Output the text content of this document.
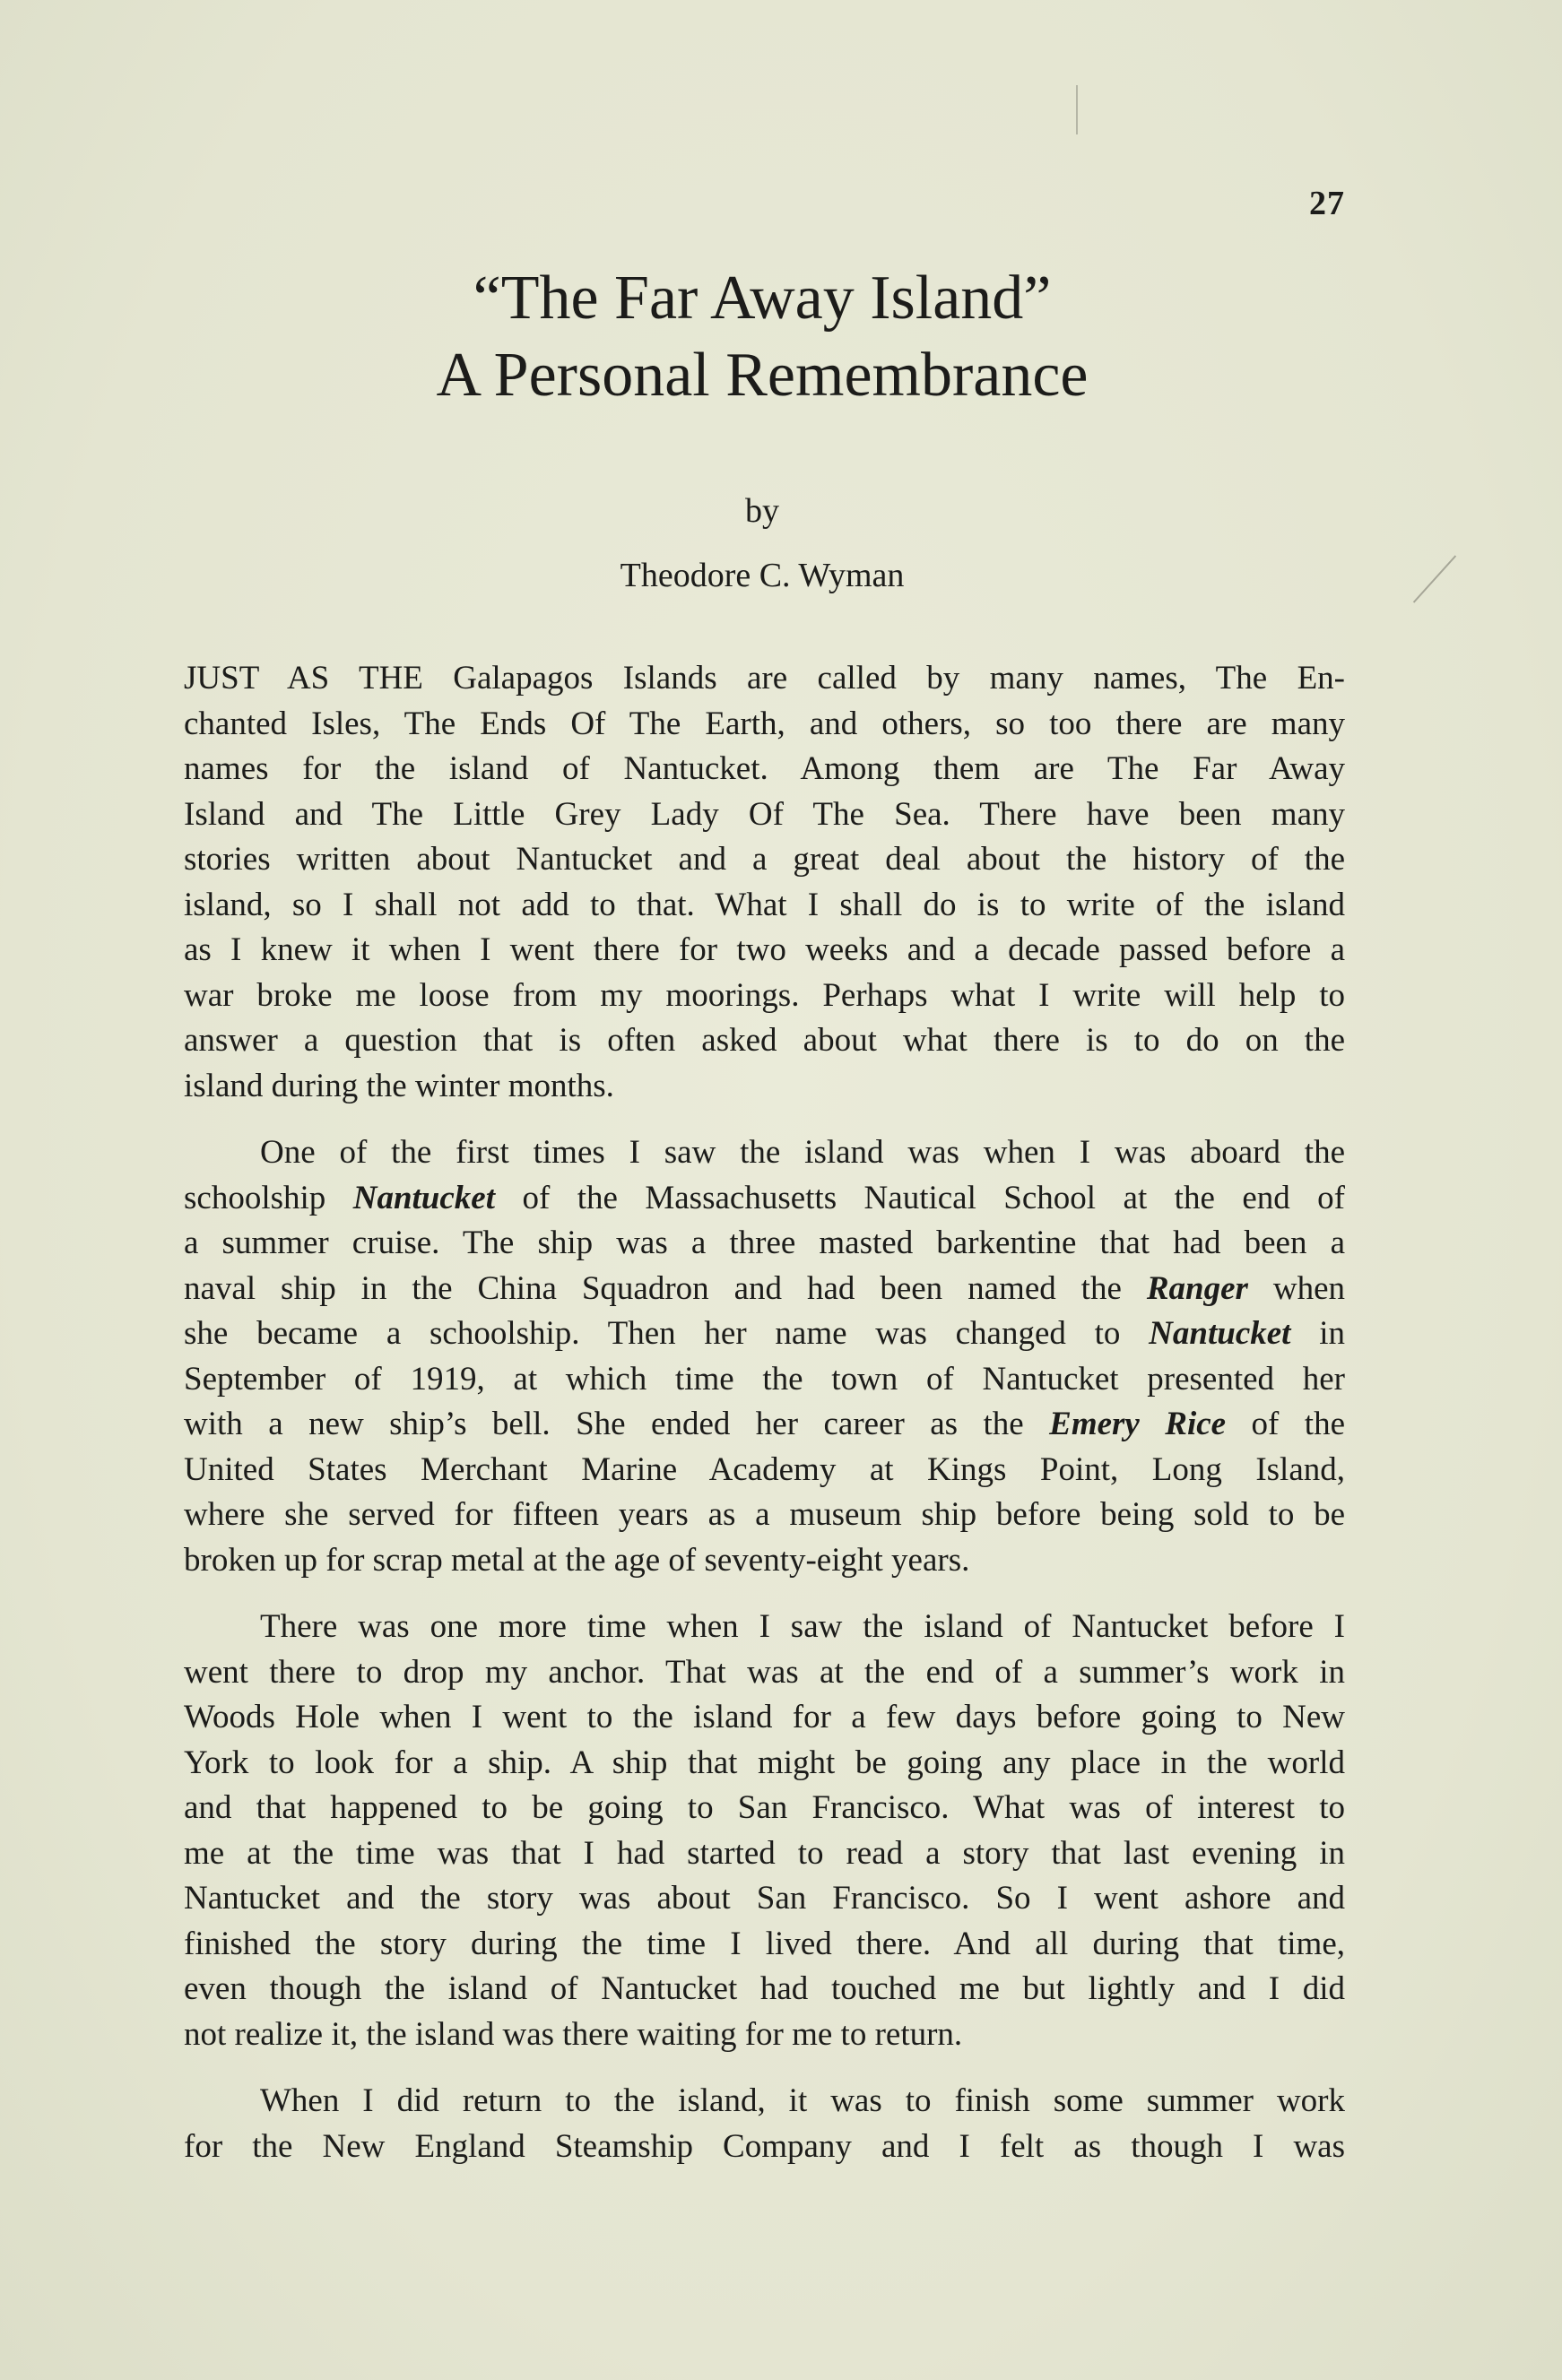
27
“The Far Away Island”
A Personal Remembrance
by
Theodore C. Wyman

JUST AS THE Galapagos Islands are called by many names, The En-
chanted Isles, The Ends Of The Earth, and others, so too there are many
names for the island of Nantucket. Among them are The Far Away
Island and The Little Grey Lady Of The Sea. There have been many
stories written about Nantucket and a great deal about the history of the
island, so I shall not add to that. What I shall do is to write of the island
as I knew it when I went there for two weeks and a decade passed before a
war broke me loose from my moorings. Perhaps what I write will help to
answer a question that is often asked about what there is to do on the
island during the winter months.

One of the first times I saw the island was when I was aboard the
schoolship Nantucket of the Massachusetts Nautical School at the end of
a summer cruise. The ship was a three masted barkentine that had been a
naval ship in the China Squadron and had been named the Ranger when
she became a schoolship. Then her name was changed to Nantucket in
September of 1919, at which time the town of Nantucket presented her
with a new ship’s bell. She ended her career as the Emery Rice of the
United States Merchant Marine Academy at Kings Point, Long Island,
where she served for fifteen years as a museum ship before being sold to be
broken up for scrap metal at the age of seventy-eight years.

There was one more time when I saw the island of Nantucket before I
went there to drop my anchor. That was at the end of a summer’s work in
Woods Hole when I went to the island for a few days before going to New
York to look for a ship. A ship that might be going any place in the world
and that happened to be going to San Francisco. What was of interest to
me at the time was that I had started to read a story that last evening in
Nantucket and the story was about San Francisco. So I went ashore and
finished the story during the time I lived there. And all during that time,
even though the island of Nantucket had touched me but lightly and I did
not realize it, the island was there waiting for me to return.

When I did return to the island, it was to finish some summer work
for the New England Steamship Company and I felt as though I was
